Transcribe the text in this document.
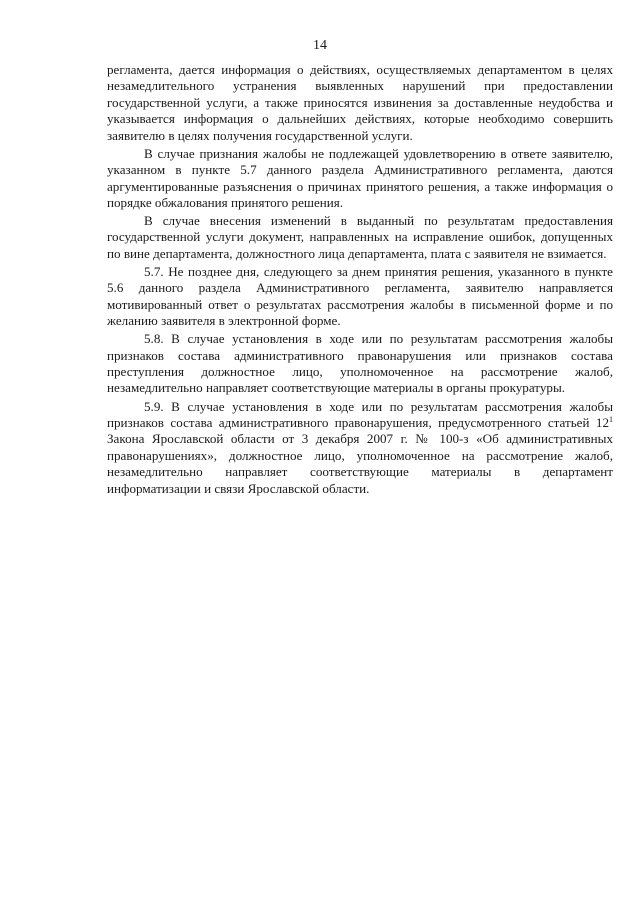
14

регламента, дается информация о действиях, осуществляемых департаментом в целях незамедлительного устранения выявленных нарушений при предоставлении государственной услуги, а также приносятся извинения за доставленные неудобства и указывается информация о дальнейших действиях, которые необходимо совершить заявителю в целях получения государственной услуги.

В случае признания жалобы не подлежащей удовлетворению в ответе заявителю, указанном в пункте 5.7 данного раздела Административного регламента, даются аргументированные разъяснения о причинах принятого решения, а также информация о порядке обжалования принятого решения.

В случае внесения изменений в выданный по результатам предоставления государственной услуги документ, направленных на исправление ошибок, допущенных по вине департамента, должностного лица департамента, плата с заявителя не взимается.

5.7. Не позднее дня, следующего за днем принятия решения, указанного в пункте 5.6 данного раздела Административного регламента, заявителю направляется мотивированный ответ о результатах рассмотрения жалобы в письменной форме и по желанию заявителя в электронной форме.

5.8. В случае установления в ходе или по результатам рассмотрения жалобы признаков состава административного правонарушения или признаков состава преступления должностное лицо, уполномоченное на рассмотрение жалоб, незамедлительно направляет соответствующие материалы в органы прокуратуры.

5.9. В случае установления в ходе или по результатам рассмотрения жалобы признаков состава административного правонарушения, предусмотренного статьей $12^1$ Закона Ярославской области от 3 декабря 2007 г. № 100-з «Об административных правонарушениях», должностное лицо, уполномоченное на рассмотрение жалоб, незамедлительно направляет соответствующие материалы в департамент информатизации и связи Ярославской области.
